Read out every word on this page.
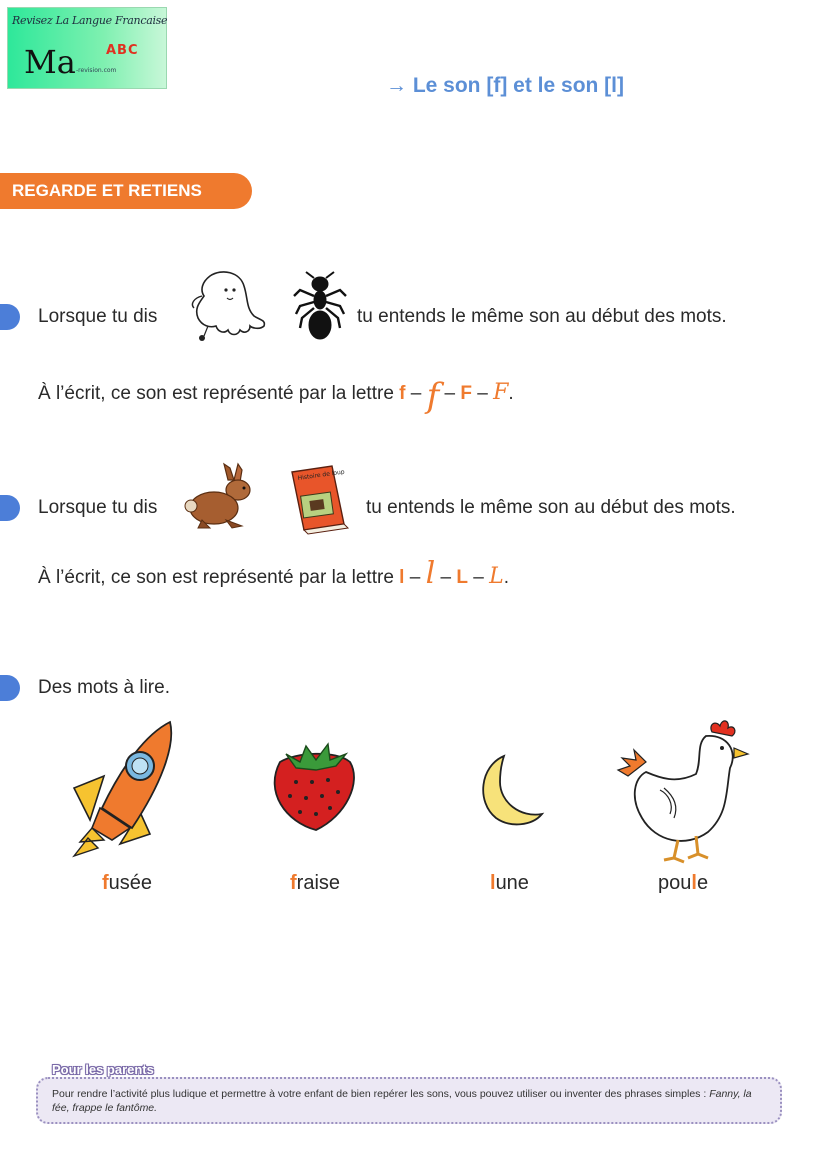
Revisez La Langue Francaise
Ma ABC
-revision.com
→ Le son [f] et le son [l]
REGARDE ET RETIENS
Lorsque tu dis	tu entends le même son au début des mots.
À l’écrit, ce son est représenté par la lettre f – f – F – F.
Lorsque tu dis
Histoire de loup
tu entends le même son au début des mots.
À l’écrit, ce son est représenté par la lettre l – l – L – L.
Des mots à lire.
fusée	fraise	lune	poule
Pour les parents
Pour rendre l’activité plus ludique et permettre à votre enfant de bien repérer les sons, vous pouvez utiliser ou inventer des phrases simples : Fanny, la fée, frappe le fantôme.
